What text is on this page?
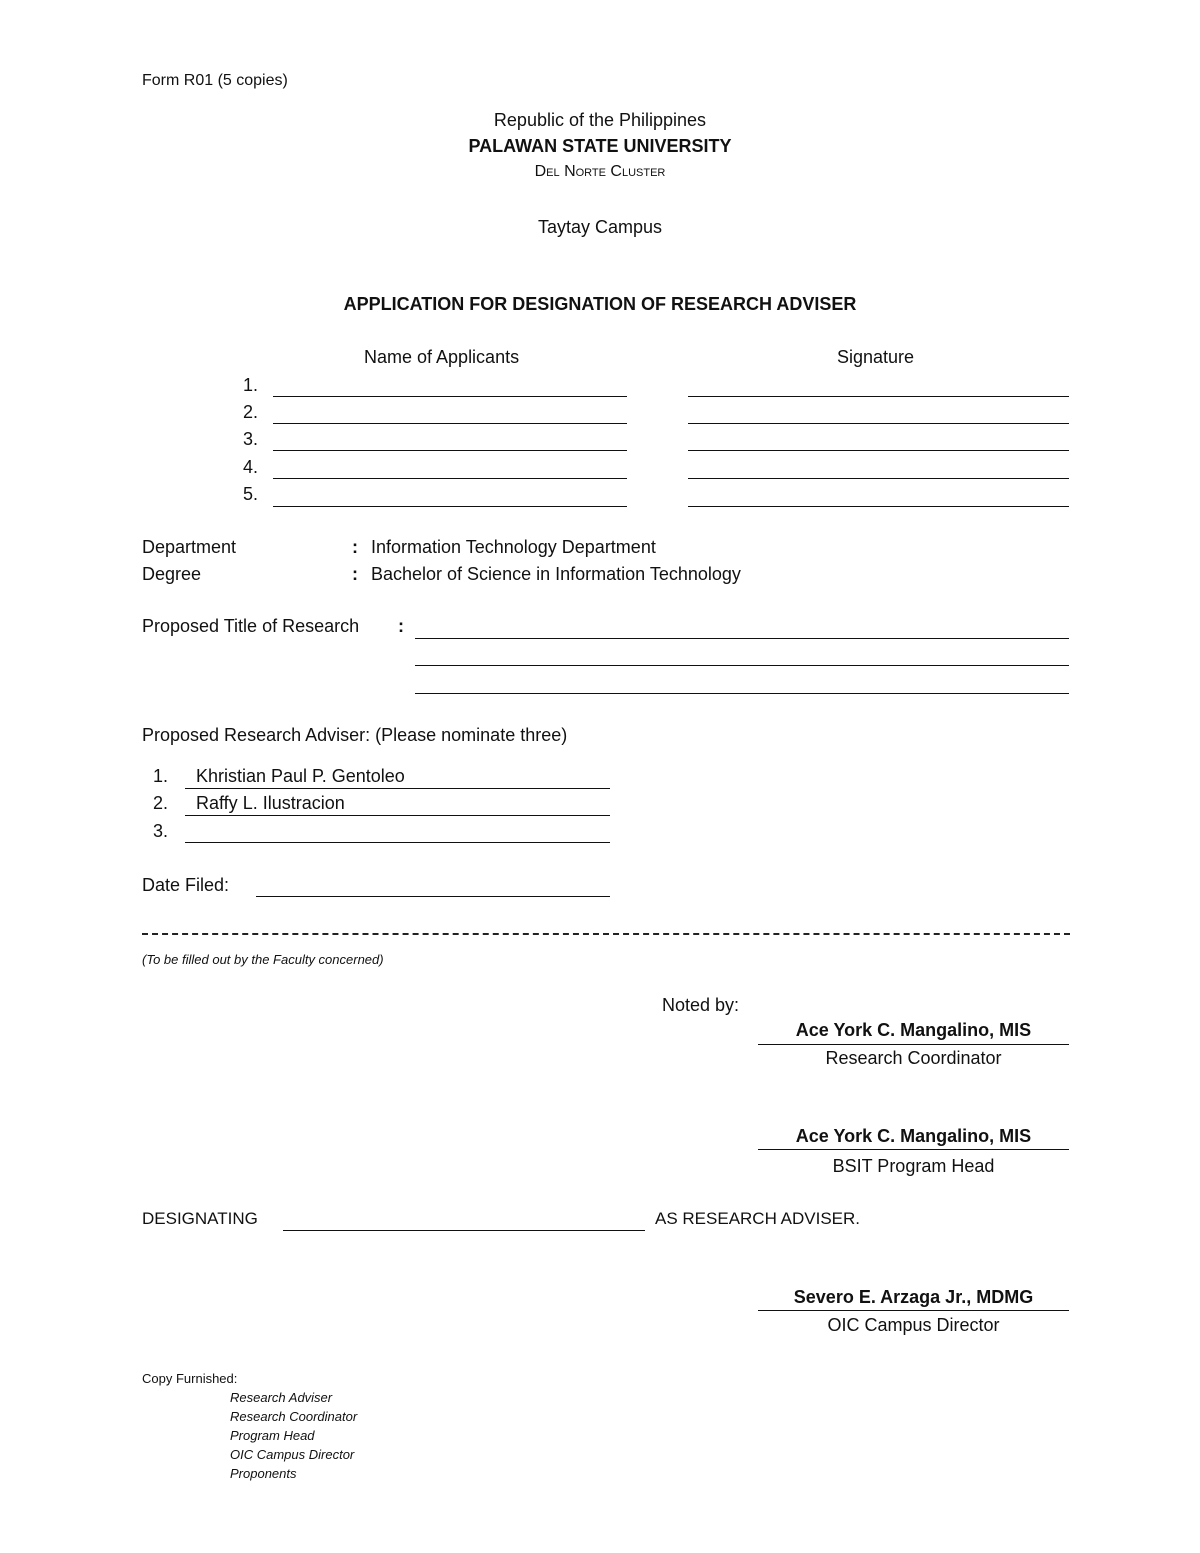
Form R01 (5 copies)
Republic of the Philippines
PALAWAN STATE UNIVERSITY
Del Norte Cluster
Taytay Campus
APPLICATION FOR DESIGNATION OF RESEARCH ADVISER
Name of Applicants	Signature
1.
2.
3.
4.
5.
Department	: Information Technology Department
Degree	: Bachelor of Science in Information Technology
Proposed Title of Research :
Proposed Research Adviser: (Please nominate three)
1. Khristian Paul P. Gentoleo
2. Raffy L. Ilustracion
3.
Date Filed:
(To be filled out by the Faculty concerned)
Noted by:
Ace York C. Mangalino, MIS
Research Coordinator
Ace York C. Mangalino, MIS
BSIT Program Head
DESIGNATING	AS RESEARCH ADVISER.
Severo E. Arzaga Jr., MDMG
OIC Campus Director
Copy Furnished:
Research Adviser
Research Coordinator
Program Head
OIC Campus Director
Proponents
